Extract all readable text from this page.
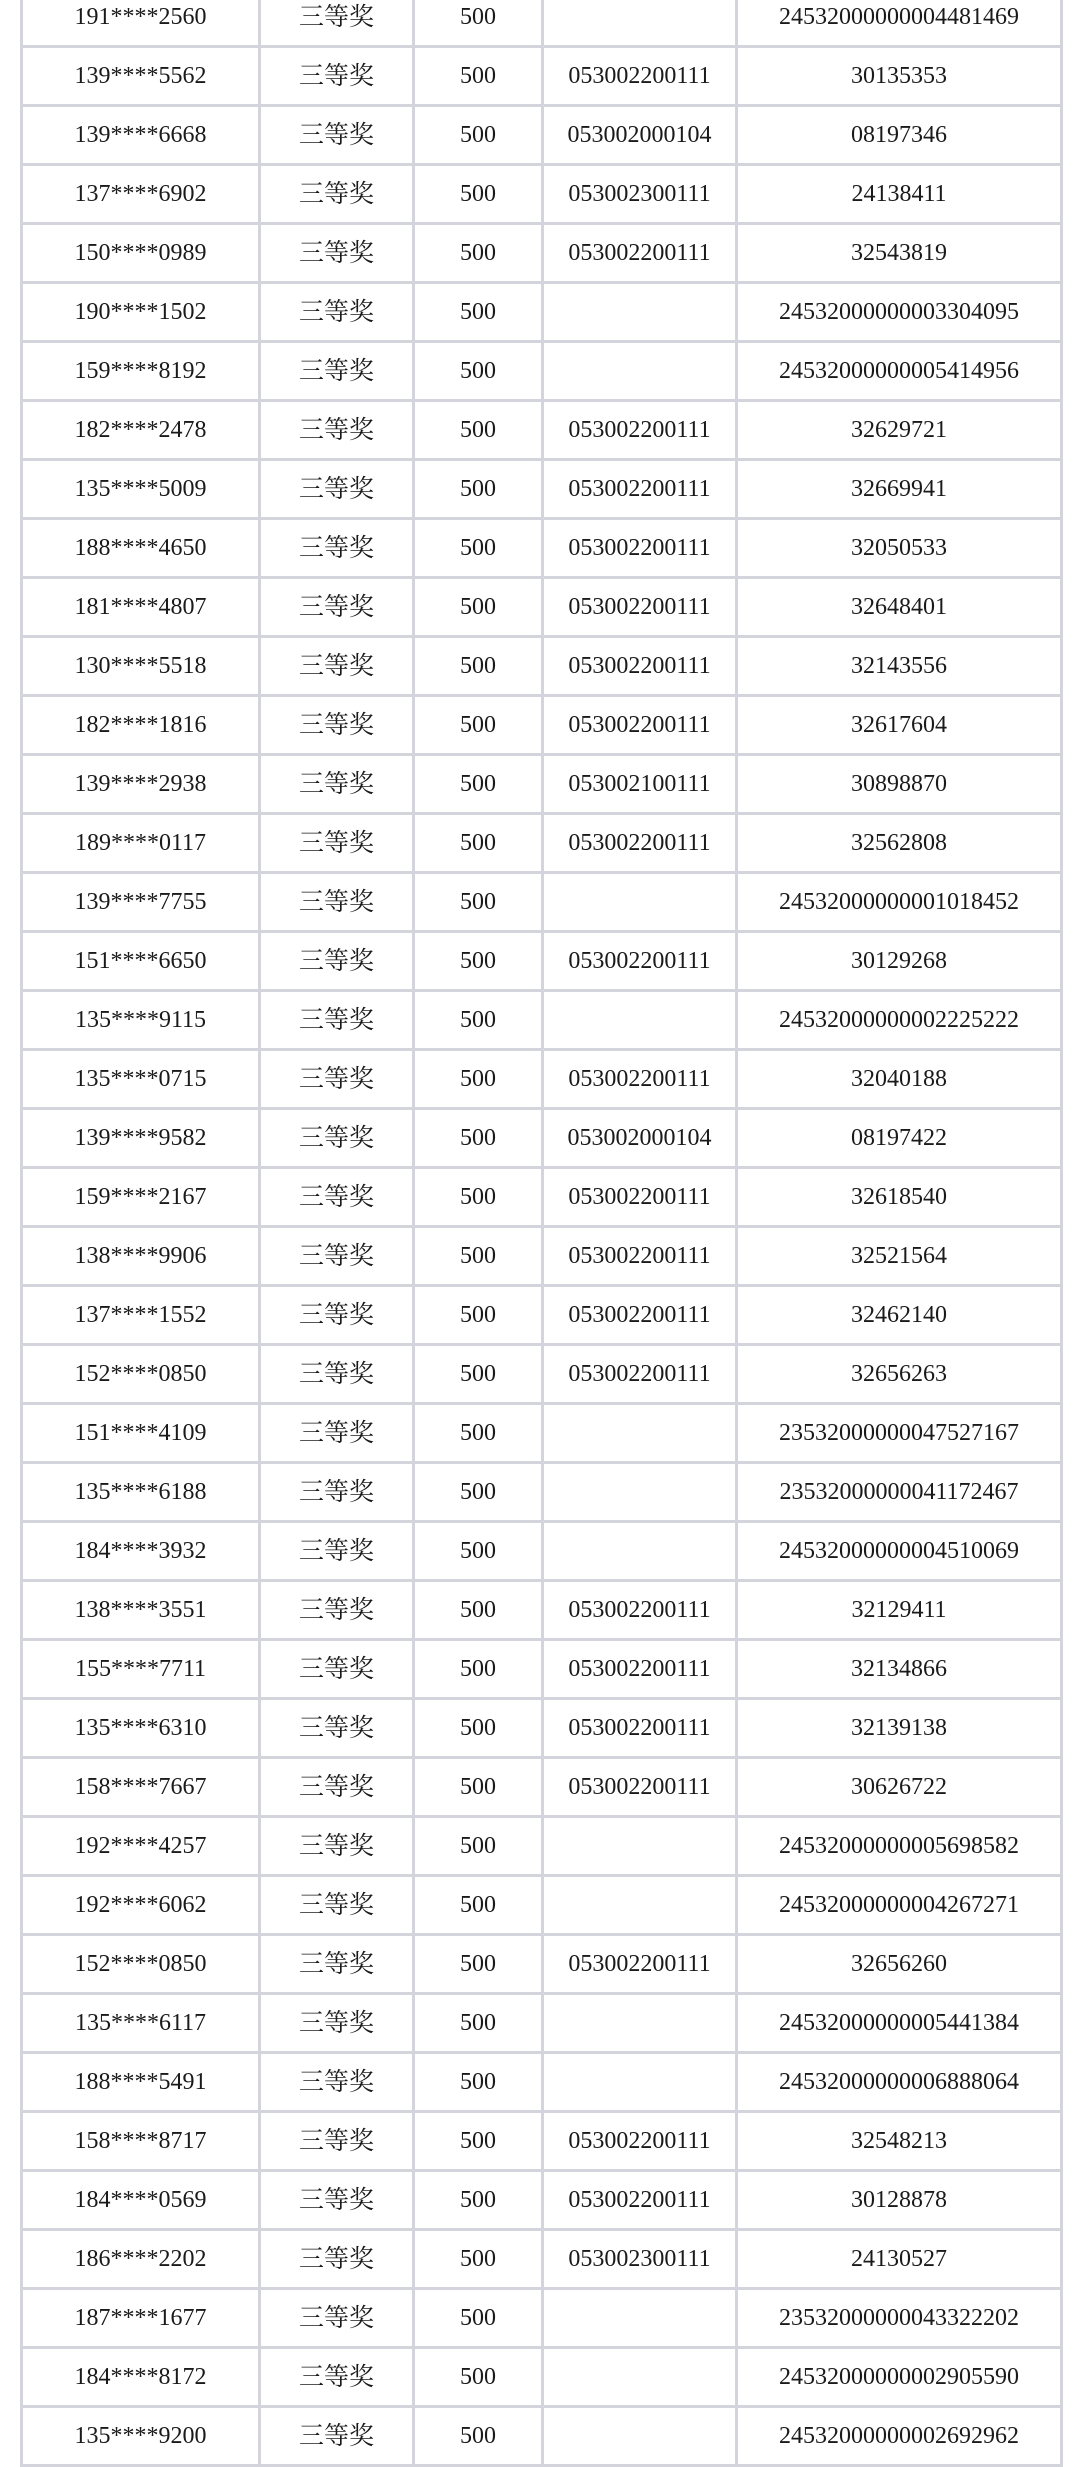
191****2560	三等奖	500		24532000000004481469
139****5562	三等奖	500	053002200111	30135353
139****6668	三等奖	500	053002000104	08197346
137****6902	三等奖	500	053002300111	24138411
150****0989	三等奖	500	053002200111	32543819
190****1502	三等奖	500		24532000000003304095
159****8192	三等奖	500		24532000000005414956
182****2478	三等奖	500	053002200111	32629721
135****5009	三等奖	500	053002200111	32669941
188****4650	三等奖	500	053002200111	32050533
181****4807	三等奖	500	053002200111	32648401
130****5518	三等奖	500	053002200111	32143556
182****1816	三等奖	500	053002200111	32617604
139****2938	三等奖	500	053002100111	30898870
189****0117	三等奖	500	053002200111	32562808
139****7755	三等奖	500		24532000000001018452
151****6650	三等奖	500	053002200111	30129268
135****9115	三等奖	500		24532000000002225222
135****0715	三等奖	500	053002200111	32040188
139****9582	三等奖	500	053002000104	08197422
159****2167	三等奖	500	053002200111	32618540
138****9906	三等奖	500	053002200111	32521564
137****1552	三等奖	500	053002200111	32462140
152****0850	三等奖	500	053002200111	32656263
151****4109	三等奖	500		23532000000047527167
135****6188	三等奖	500		23532000000041172467
184****3932	三等奖	500		24532000000004510069
138****3551	三等奖	500	053002200111	32129411
155****7711	三等奖	500	053002200111	32134866
135****6310	三等奖	500	053002200111	32139138
158****7667	三等奖	500	053002200111	30626722
192****4257	三等奖	500		24532000000005698582
192****6062	三等奖	500		24532000000004267271
152****0850	三等奖	500	053002200111	32656260
135****6117	三等奖	500		24532000000005441384
188****5491	三等奖	500		24532000000006888064
158****8717	三等奖	500	053002200111	32548213
184****0569	三等奖	500	053002200111	30128878
186****2202	三等奖	500	053002300111	24130527
187****1677	三等奖	500		23532000000043322202
184****8172	三等奖	500		24532000000002905590
135****9200	三等奖	500		24532000000002692962
